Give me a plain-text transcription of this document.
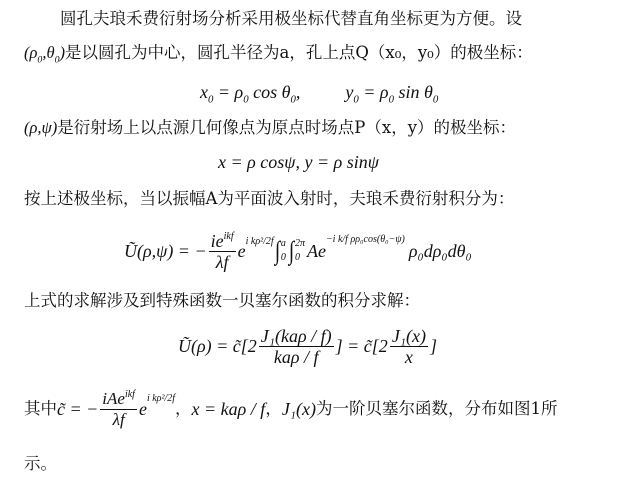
圆孔夫琅禾费衍射场分析采用极坐标代替直角坐标更为方便。设
$(\rho_0,\theta_0)$是以圆孔为中心，圆孔半径为a，孔上点Q（x₀，y₀）的极坐标：
$x_0 = \rho_0$ $\cos \theta_0$,	$y_0 = \rho_0$ $\sin \theta_0$
(ρ,ψ)是衍射场上以点源几何像点为原点时场点P（x，y）的极坐标：
x = ρ cosψ, y = ρ sinψ
按上述极坐标，当以振幅A为平面波入射时，夫琅禾费衍射积分为：
Ũ(ρ,ψ) = − $\frac{\text{ieikf}}{\lambda f}$ e i kρ²/2f ∫ a
0 ∫ 2π
0 Ae
−i k/f ρρ₀cos(θ₀−ψ)
ρ₀dρ₀dθ₀
上式的求解涉及到特殊函数一贝塞尔函数的积分求解：
Ũ(ρ) = c̃[2 $\frac{\text{J₁(kaρ / f)}}{\text{kaρ / f}}$ ] = c̃[2 $\frac{\text{J₁(x)}}{x}$ ]
其中 c̃ = − $\frac{\text{iAeikf}}{\lambda f}$ e
i kρ²/2f
， x = kaρ / f ， J₁(x) 为一阶贝塞尔函数，分布如图1所
示。
